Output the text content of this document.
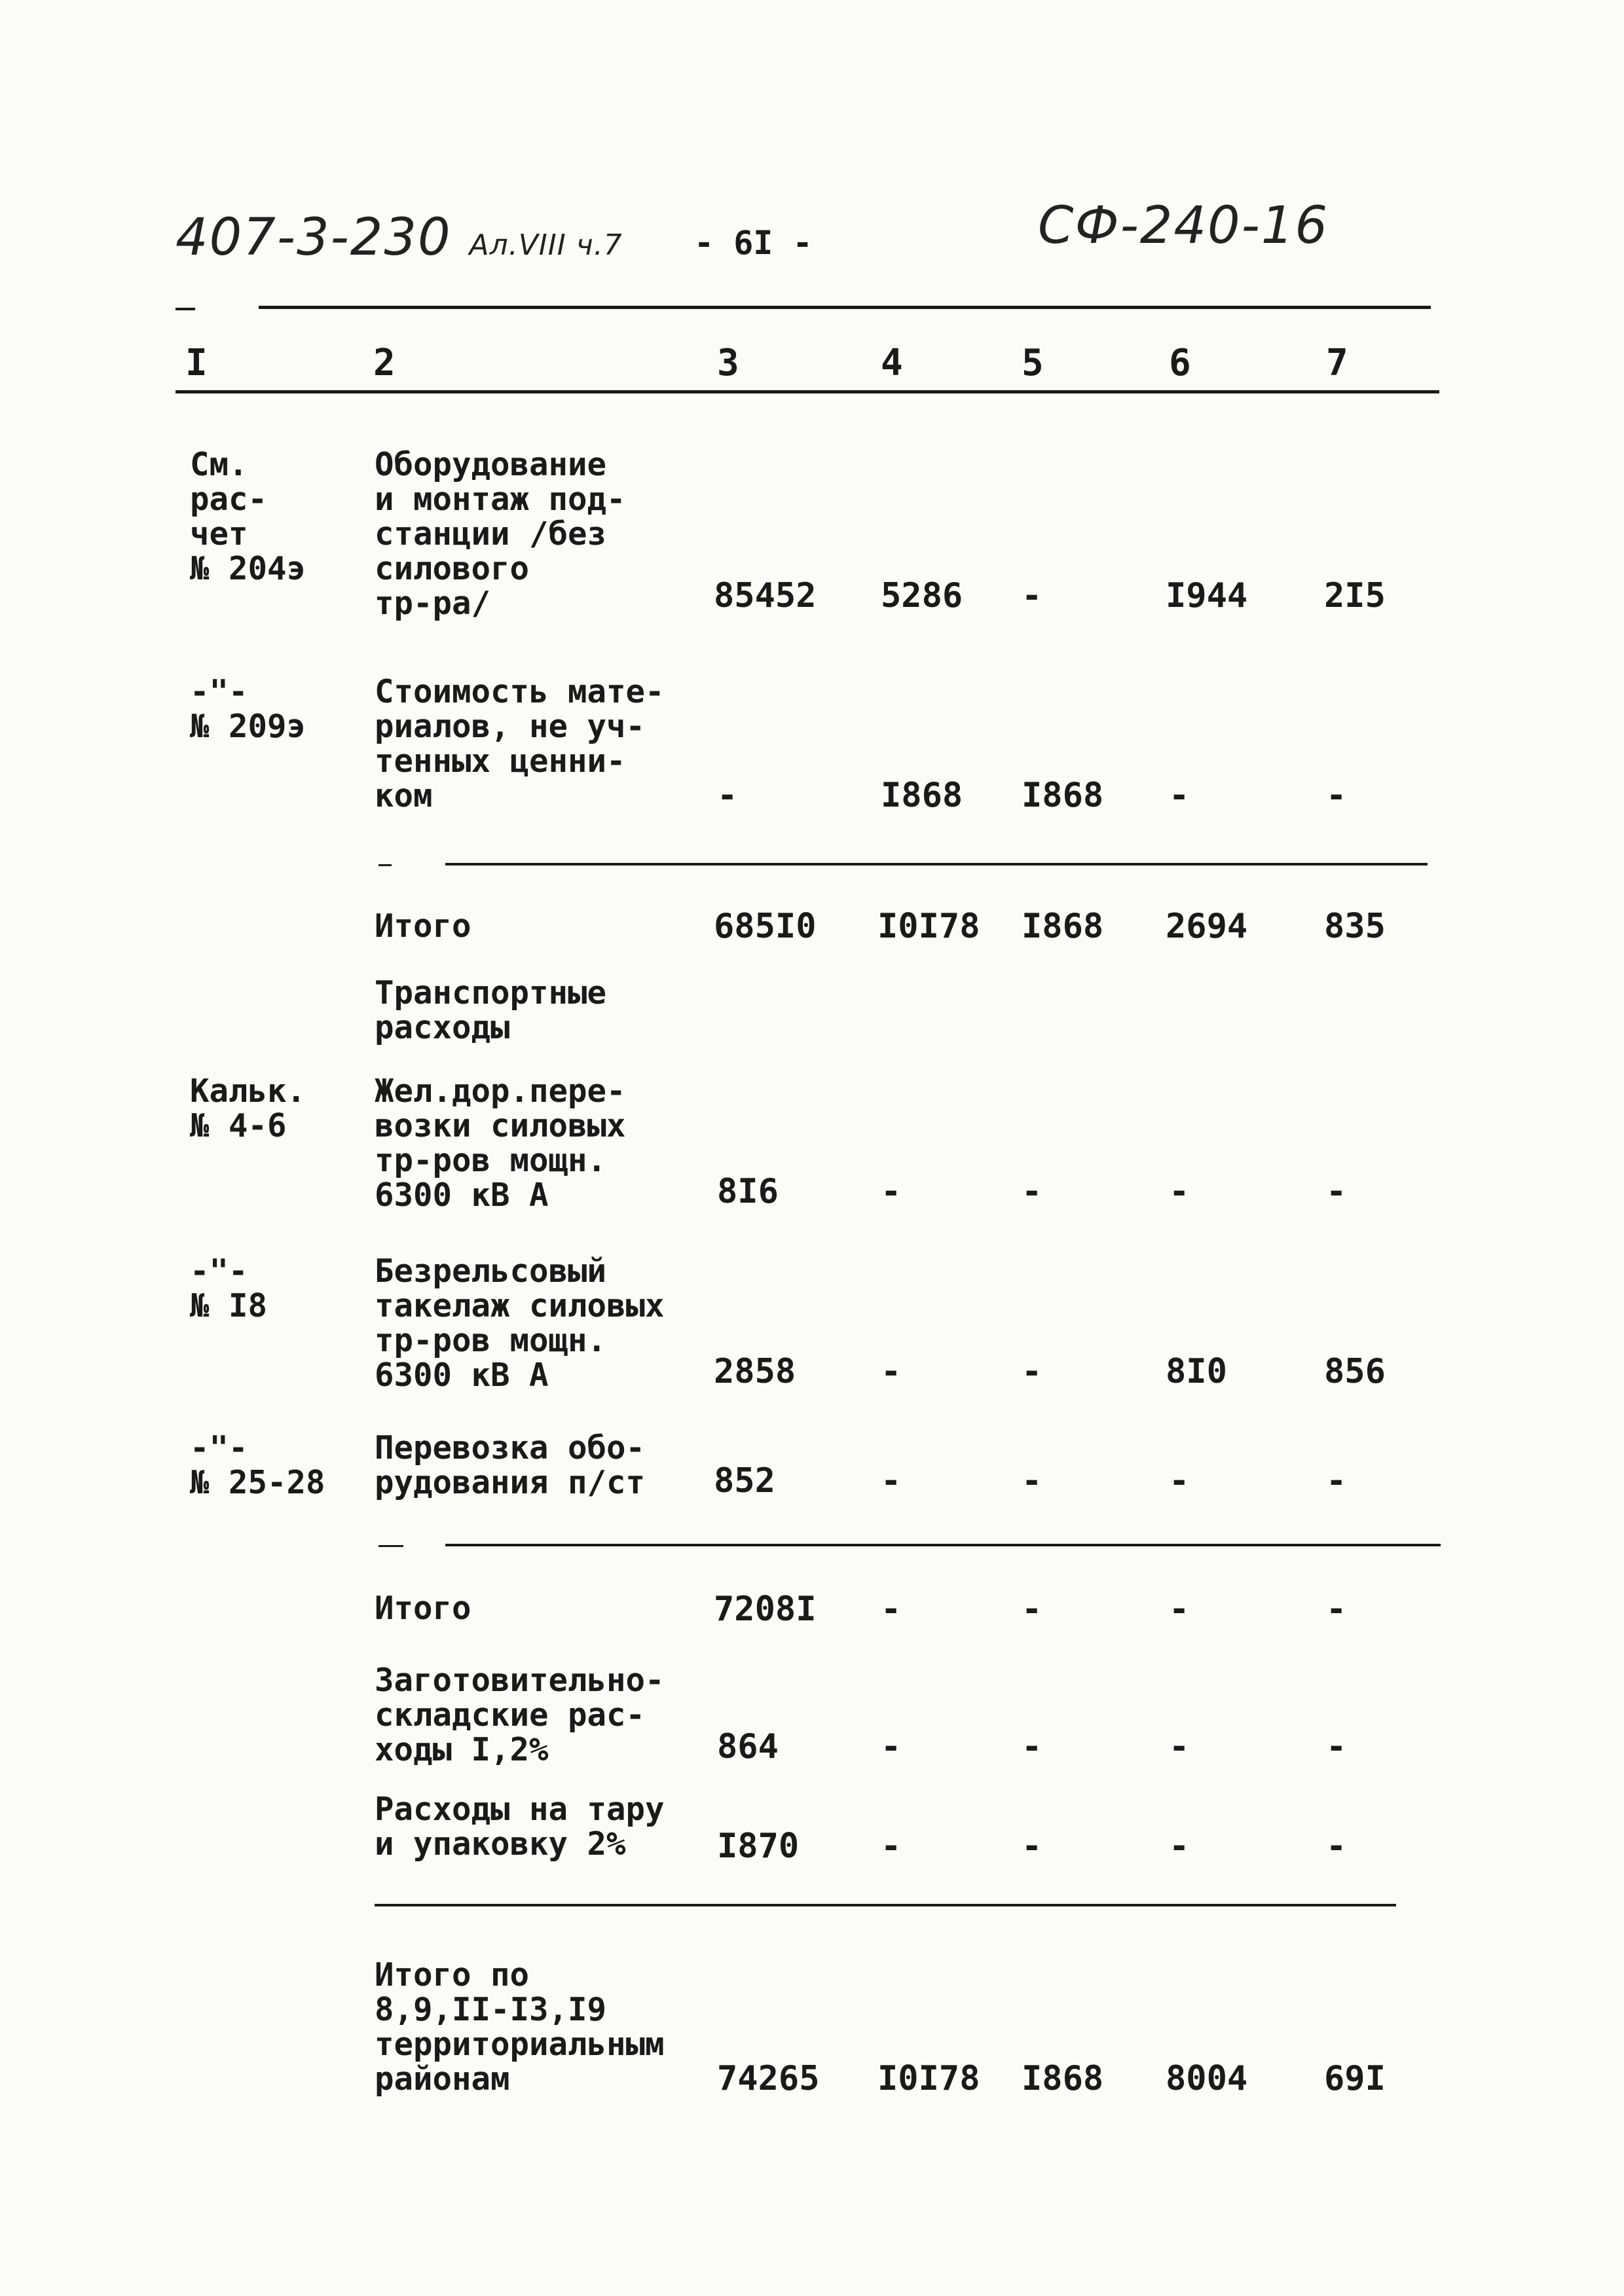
407-3-230 Ал.VIII ч.7 - 6I -	СФ-240-16
I	2	3	4	5	6	7
См.
рас-
чет
№ 204э
Оборудование
и монтаж под-
станции /без
силового
тр-ра/	85452 5286 -	I944 2I5
-"-
№ 209э
Стоимость мате-
риалов, не уч-
тенных ценни-
ком	-	I868 I868 -	-
Итого	685I0 I0I78 I868 2694 835
Транспортные
расходы
Кальк.
№ 4-6
Жел.дор.пере-
возки силовых
тр-ров мощн.
6300 кВ А	8I6	-	-	-	-
-"-
№ I8
Безрельсовый
такелаж силовых
тр-ров мощн.
6300 кВ А	2858 -	-	8I0	856
-"-
№ 25-28
Перевозка обо-
рудования п/ст 852	-	-	-	-
Итого	7208I -	-	-	-
Заготовительно-
складские рас-
ходы I,2%	864	-	-	-	-
Расходы на тару
и упаковку 2%	I870 -	-	-	-
Итого по
8,9,II-I3,I9
территориальным
районам	74265 I0I78 I868 8004 69I
